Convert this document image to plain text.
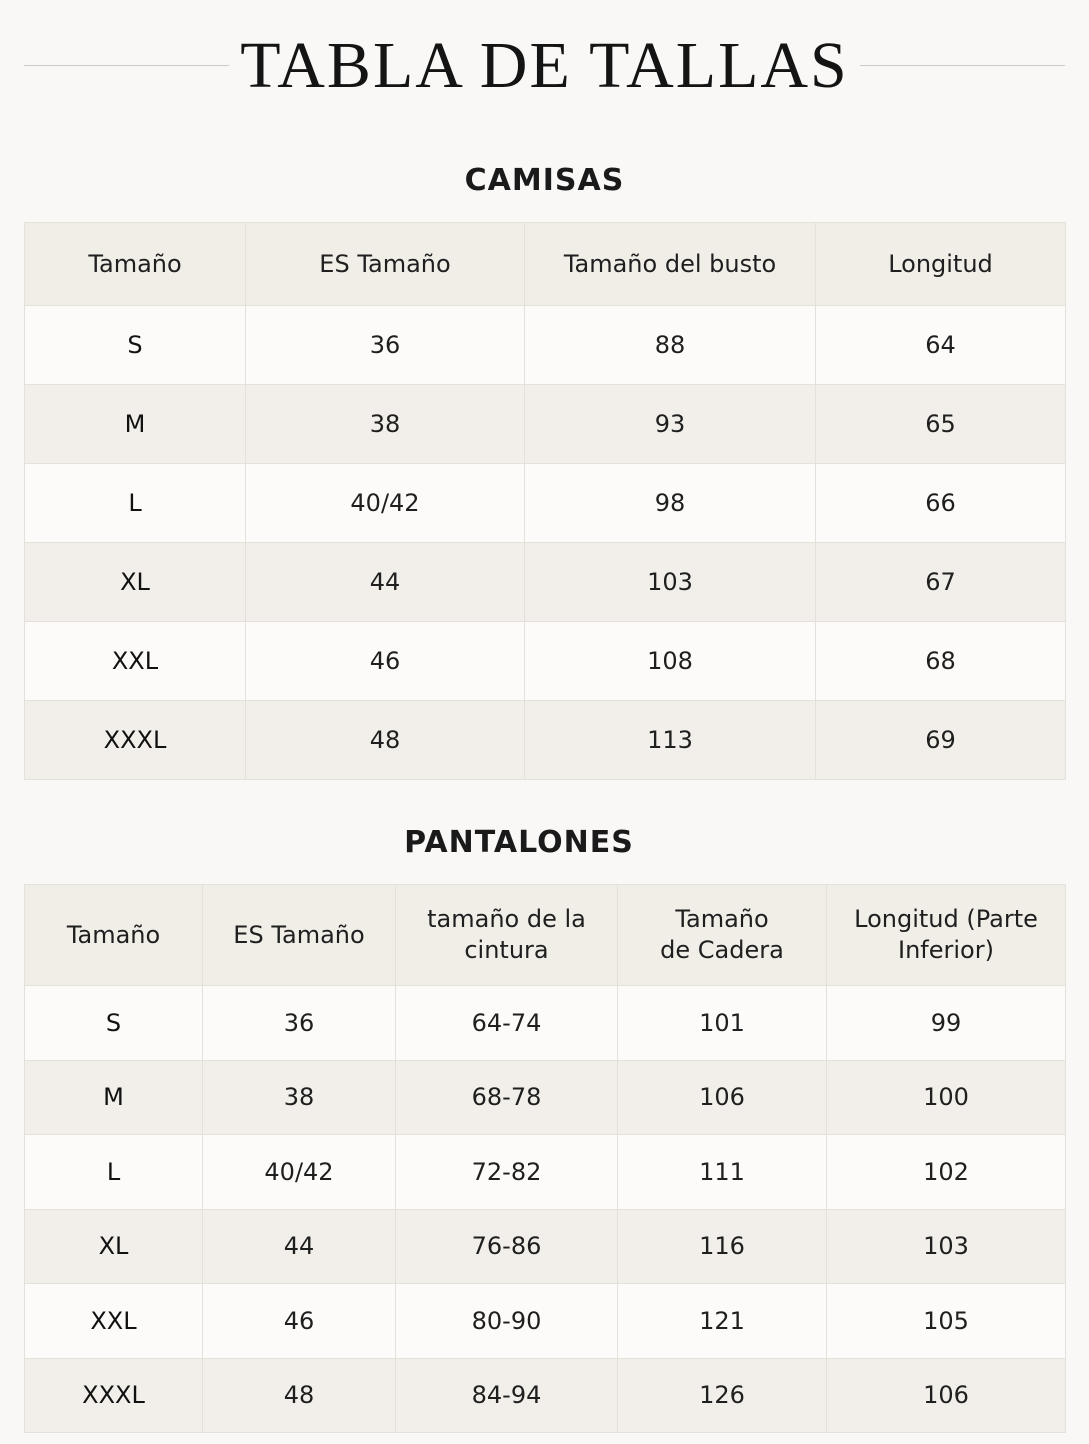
TABLA DE TALLAS
CAMISAS
Tamaño	ES Tamaño	Tamaño del busto	Longitud
S	36	88	64
M	38	93	65
L	40/42	98	66
XL	44	103	67
XXL	46	108	68
XXXL	48	113	69
PANTALONES
Tamaño	ES Tamaño	tamaño de la cintura	Tamaño de Cadera	Longitud (Parte Inferior)
S	36	64-74	101	99
M	38	68-78	106	100
L	40/42	72-82	111	102
XL	44	76-86	116	103
XXL	46	80-90	121	105
XXXL	48	84-94	126	106
